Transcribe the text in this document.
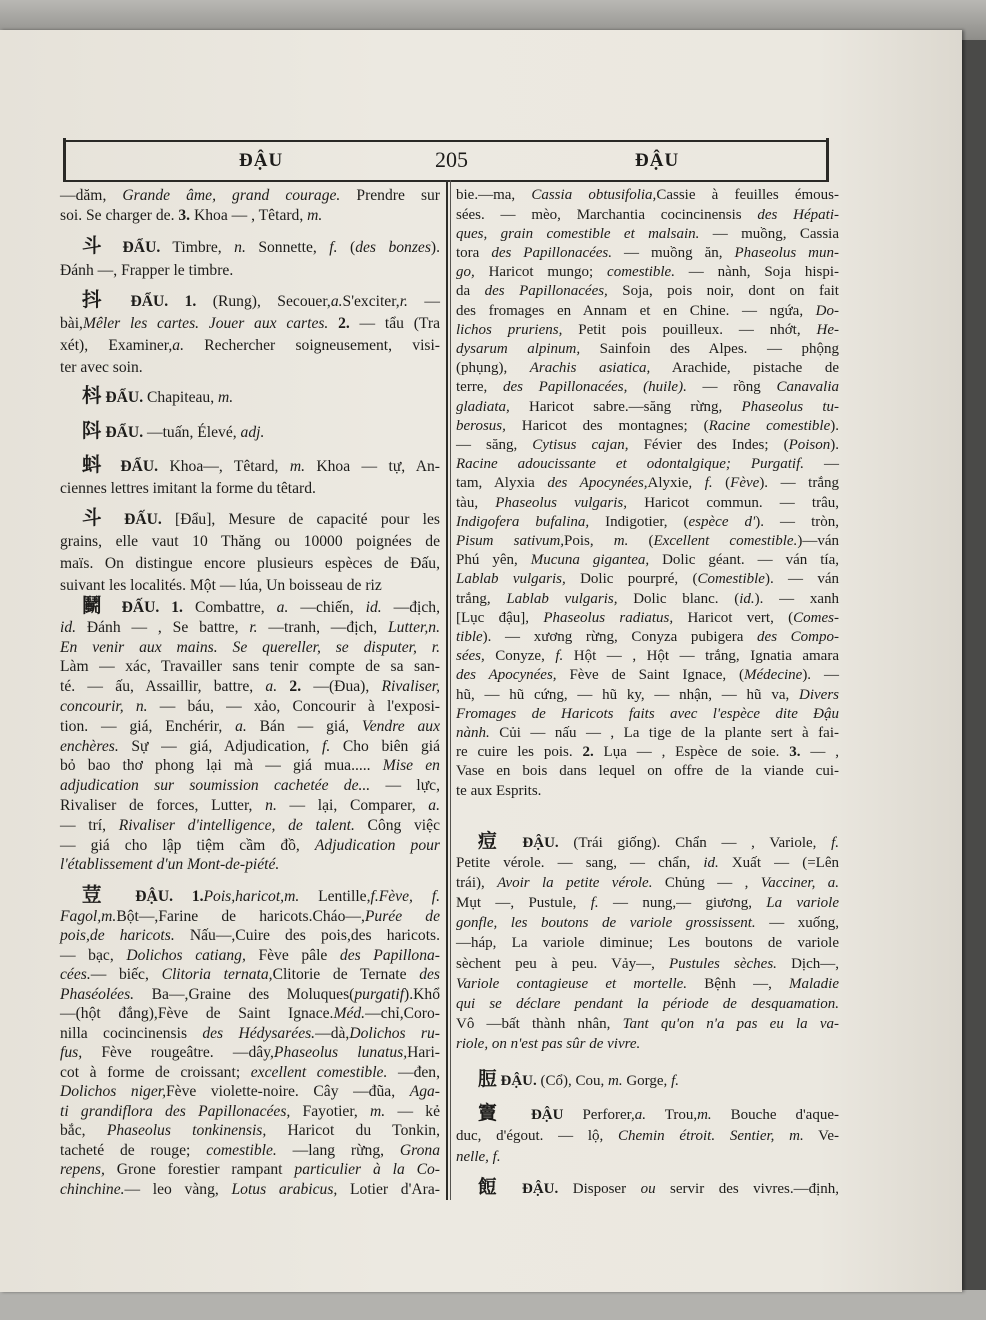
ĐẬU	205	ĐẬU
—dăm, Grande âme, grand courage. Prendre sur
soi. Se charger de. 3. Khoa — , Têtard, m.
斗 ĐẨU. Timbre, n. Sonnette, f. (des bonzes).
Đánh —, Frapper le timbre.
抖 ĐẨU. 1. (Rung), Secouer,a.S'exciter,r. —
bài,Mêler les cartes. Jouer aux cartes. 2. — tẩu (Tra
xét), Examiner,a. Rechercher soigneusement, visi-
ter avec soin.
枓 ĐẨU. Chapiteau, m.
阧 ĐẨU. —tuấn, Élevé, adj.
蚪 ĐẨU. Khoa—, Têtard, m. Khoa — tự, An-
ciennes lettres imitant la forme du têtard.
斗 ĐẤU. [Đẩu], Mesure de capacité pour les
grains, elle vaut 10 Thăng ou 10000 poignées de
maïs. On distingue encore plusieurs espèces de Đấu,
suivant les localités. Một — lúa, Un boisseau de riz
鬭 ĐẤU. 1. Combattre, a. —chiến, id. —địch,
id. Đánh — , Se battre, r. —tranh, —địch, Lutter,n.
En venir aux mains. Se quereller, se disputer, r.
Làm — xác, Travailler sans tenir compte de sa san-
té. — ấu, Assaillir, battre, a. 2. —(Đua), Rivaliser,
concourir, n. — báu, — xảo, Concourir à l'exposi-
tion. — giá, Enchérir, a. Bán — giá, Vendre aux
enchères. Sự — giá, Adjudication, f. Cho biên giá
bỏ bao thơ phong lại mà — giá mua..... Mise en
adjudication sur soumission cachetée de... — lực,
Rivaliser de forces, Lutter, n. — lại, Comparer, a.
— trí, Rivaliser d'intelligence, de talent. Công việc
— giá cho lập tiệm cầm đồ, Adjudication pour
l'établissement d'un Mont-de-piété.
荳 ĐẬU. 1.Pois,haricot,m. Lentille,f.Fève, f.
Fagol,m.Bột—,Farine de haricots.Cháo—,Purée de
pois,de haricots. Nấu—,Cuire des pois,des haricots.
— bạc, Dolichos catiang, Fève pâle des Papillona-
cées.— biếc, Clitoria ternata,Clitorie de Ternate des
Phaséolées. Ba—,Graine des Moluques(purgatif).Khổ
—(hột đắng),Fève de Saint Ignace.Méd.—chỉ,Coro-
nilla cocincinensis des Hédysarées.—dà,Dolichos ru-
fus, Fève rougeâtre. —dây,Phaseolus lunatus,Hari-
cot à forme de croissant; excellent comestible. —đen,
Dolichos niger,Fève violette-noire. Cây —đũa, Aga-
ti grandiflora des Papillonacées, Fayotier, m. — kẻ
bắc, Phaseolus tonkinensis, Haricot du Tonkin,
tacheté de rouge; comestible. —lang rừng, Grona
repens, Grone forestier rampant particulier à la Co-
chinchine.— leo vàng, Lotus arabicus, Lotier d'Ara-
bie.—ma, Cassia obtusifolia,Cassie à feuilles émous-
sées. — mèo, Marchantia cocincinensis des Hépati-
ques, grain comestible et malsain. — muồng, Cassia
tora des Papillonacées. — muồng ăn, Phaseolus mun-
go, Haricot mungo; comestible. — nành, Soja hispi-
da des Papillonacées, Soja, pois noir, dont on fait
des fromages en Annam et en Chine. — ngứa, Do-
lichos pruriens, Petit pois pouilleux. — nhớt, He-
dysarum alpinum, Sainfoin des Alpes. — phộng
(phụng), Arachis asiatica, Arachide, pistache de
terre, des Papillonacées, (huile). — rồng Canavalia
gladiata, Haricot sabre.—săng rừng, Phaseolus tu-
berosus, Haricot des montagnes; (Racine comestible).
— săng, Cytisus cajan, Févier des Indes; (Poison).
Racine adoucissante et odontalgique; Purgatif. —
tam, Alyxia des Apocynées,Alyxie, f. (Fève). — trắng
tàu, Phaseolus vulgaris, Haricot commun. — trâu,
Indigofera bufalina, Indigotier, (espèce d'). — tròn,
Pisum sativum,Pois, m. (Excellent comestible.)—ván
Phú yên, Mucuna gigantea, Dolic géant. — ván tía,
Lablab vulgaris, Dolic pourpré, (Comestible). — ván
trắng, Lablab vulgaris, Dolic blanc. (id.). — xanh
[Lục đậu], Phaseolus radiatus, Haricot vert, (Comes-
tible). — xương rừng, Conyza pubigera des Compo-
sées, Conyze, f. Hột — , Hột — trắng, Ignatia amara
des Apocynées, Fève de Saint Ignace, (Médecine). —
hũ, — hũ cứng, — hũ ky, — nhận, — hũ va, Divers
Fromages de Haricots faits avec l'espèce dite Đậu
nành. Củi — nấu — , La tige de la plante sert à fai-
re cuire les pois. 2. Lụa — , Espèce de soie. 3. — ,
Vase en bois dans lequel on offre de la viande cui-
te aux Esprits.
痘 ĐẬU. (Trái giống). Chẩn — , Variole, f.
Petite vérole. — sang, — chẩn, id. Xuất — (=Lên
trái), Avoir la petite vérole. Chủng — , Vacciner, a.
Mụt —, Pustule, f. — nung,— giương, La variole
gonfle, les boutons de variole grossissent. — xuống,
—háp, La variole diminue; Les boutons de variole
sèchent peu à peu. Vảy—, Pustules sèches. Dịch—,
Variole contagieuse et mortelle. Bệnh —, Maladie
qui se déclare pendant la période de desquamation.
Vô —bất thành nhân, Tant qu'on n'a pas eu la va-
riole, on n'est pas sûr de vivre.
脰 ĐẬU. (Cổ), Cou, m. Gorge, f.
竇 ĐẬU Perforer,a. Trou,m. Bouche d'aque-
duc, d'égout. — lộ, Chemin étroit. Sentier, m. Ve-
nelle, f.
餖 ĐẬU. Disposer ou servir des vivres.—định,
